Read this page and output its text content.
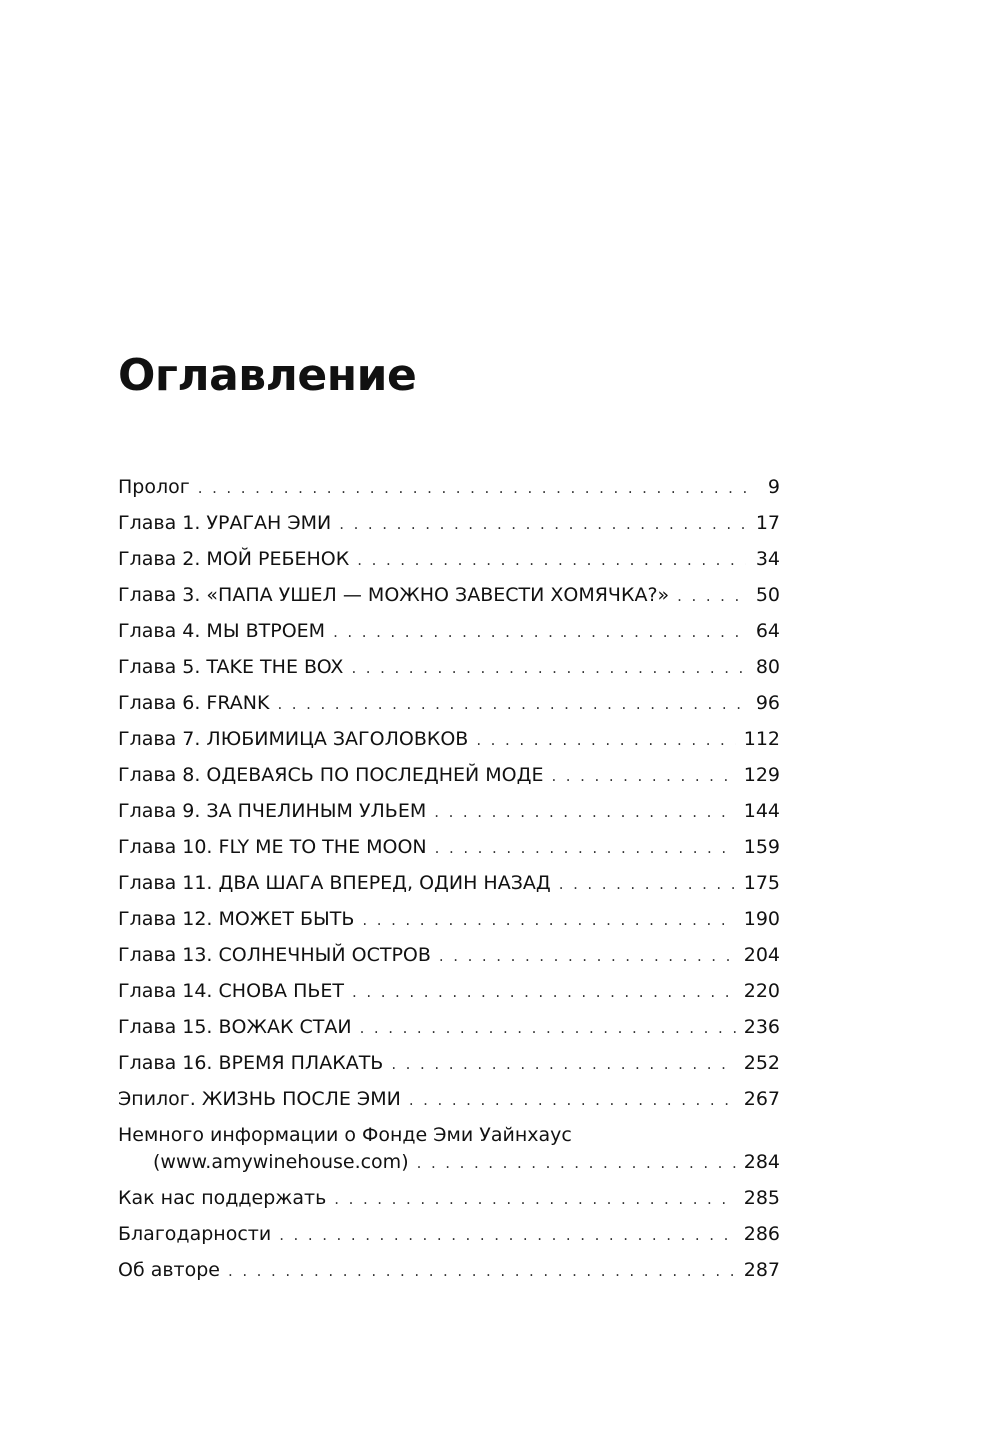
Оглавление
Пролог . . .	9
Глава 1. УРАГАН ЭМИ . . .	17
Глава 2. МОЙ РЕБЕНОК . . .	34
Глава 3. «ПАПА УШЕЛ — МОЖНО ЗАВЕСТИ ХОМЯЧКА?» . . .	50
Глава 4. МЫ ВТРОЕМ . . .	64
Глава 5. TAKE THE BOX . . .	80
Глава 6. FRANK . . .	96
Глава 7. ЛЮБИМИЦА ЗАГОЛОВКОВ . . .	112
Глава 8. ОДЕВАЯСЬ ПО ПОСЛЕДНЕЙ МОДЕ . . .	129
Глава 9. ЗА ПЧЕЛИНЫМ УЛЬЕМ . . .	144
Глава 10. FLY ME TO THE MOON . . .	159
Глава 11. ДВА ШАГА ВПЕРЕД, ОДИН НАЗАД . . .	175
Глава 12. МОЖЕТ БЫТЬ . . .	190
Глава 13. СОЛНЕЧНЫЙ ОСТРОВ . . .	204
Глава 14. СНОВА ПЬЕТ . . .	220
Глава 15. ВОЖАК СТАИ . . .	236
Глава 16. ВРЕМЯ ПЛАКАТЬ . . .	252
Эпилог. ЖИЗНЬ ПОСЛЕ ЭМИ . . .	267
Немного информации о Фонде Эми Уайнхаус
(www.amywinehouse.com) . . .	284
Как нас поддержать . . .	285
Благодарности . . .	286
Об авторе . . .	287
